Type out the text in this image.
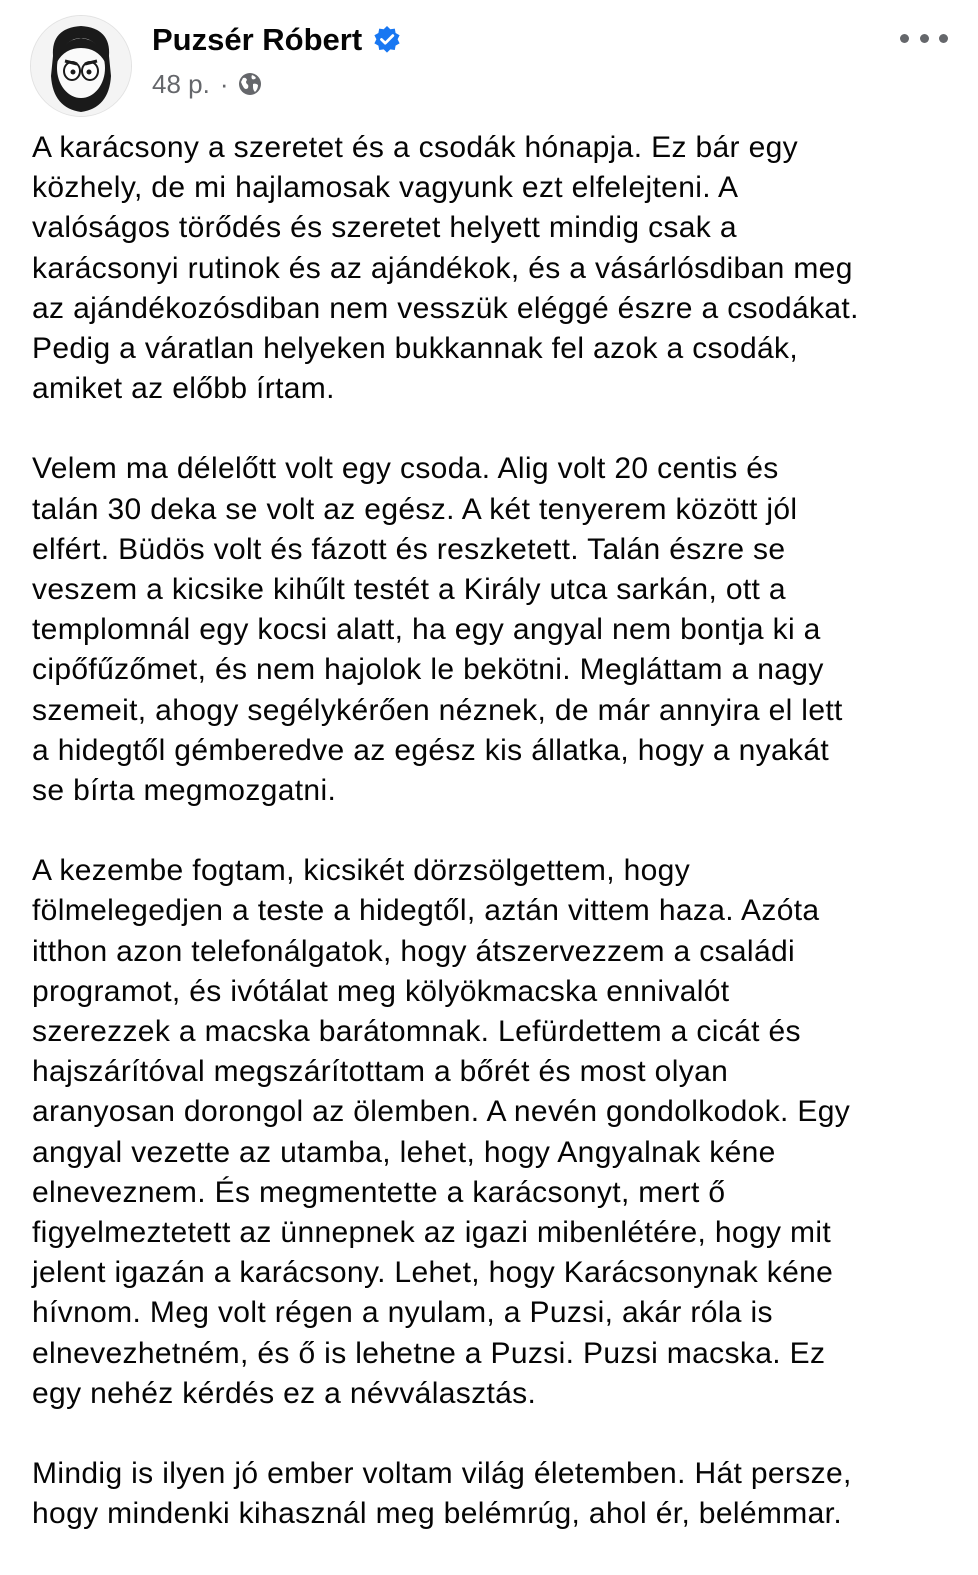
Puzsér Róbert
48 p. ·

A karácsony a szeretet és a csodák hónapja. Ez bár egy
közhely, de mi hajlamosak vagyunk ezt elfelejteni. A
valóságos törődés és szeretet helyett mindig csak a
karácsonyi rutinok és az ajándékok, és a vásárlósdiban meg
az ajándékozósdiban nem vesszük eléggé észre a csodákat.
Pedig a váratlan helyeken bukkannak fel azok a csodák,
amiket az előbb írtam.

Velem ma délelőtt volt egy csoda. Alig volt 20 centis és
talán 30 deka se volt az egész. A két tenyerem között jól
elfért. Büdös volt és fázott és reszketett. Talán észre se
veszem a kicsike kihűlt testét a Király utca sarkán, ott a
templomnál egy kocsi alatt, ha egy angyal nem bontja ki a
cipőfűzőmet, és nem hajolok le bekötni. Megláttam a nagy
szemeit, ahogy segélykérően néznek, de már annyira el lett
a hidegtől gémberedve az egész kis állatka, hogy a nyakát
se bírta megmozgatni.

A kezembe fogtam, kicsikét dörzsölgettem, hogy
fölmelegedjen a teste a hidegtől, aztán vittem haza. Azóta
itthon azon telefonálgatok, hogy átszervezzem a családi
programot, és ivótálat meg kölyökmacska ennivalót
szerezzek a macska barátomnak. Lefürdettem a cicát és
hajszárítóval megszárítottam a bőrét és most olyan
aranyosan dorongol az ölemben. A nevén gondolkodok. Egy
angyal vezette az utamba, lehet, hogy Angyalnak kéne
elneveznem. És megmentette a karácsonyt, mert ő
figyelmeztetett az ünnepnek az igazi mibenlétére, hogy mit
jelent igazán a karácsony. Lehet, hogy Karácsonynak kéne
hívnom. Meg volt régen a nyulam, a Puzsi, akár róla is
elnevezhetném, és ő is lehetne a Puzsi. Puzsi macska. Ez
egy nehéz kérdés ez a névválasztás.

Mindig is ilyen jó ember voltam világ életemben. Hát persze,
hogy mindenki kihasznál meg belémrúg, ahol ér, belémmar.
